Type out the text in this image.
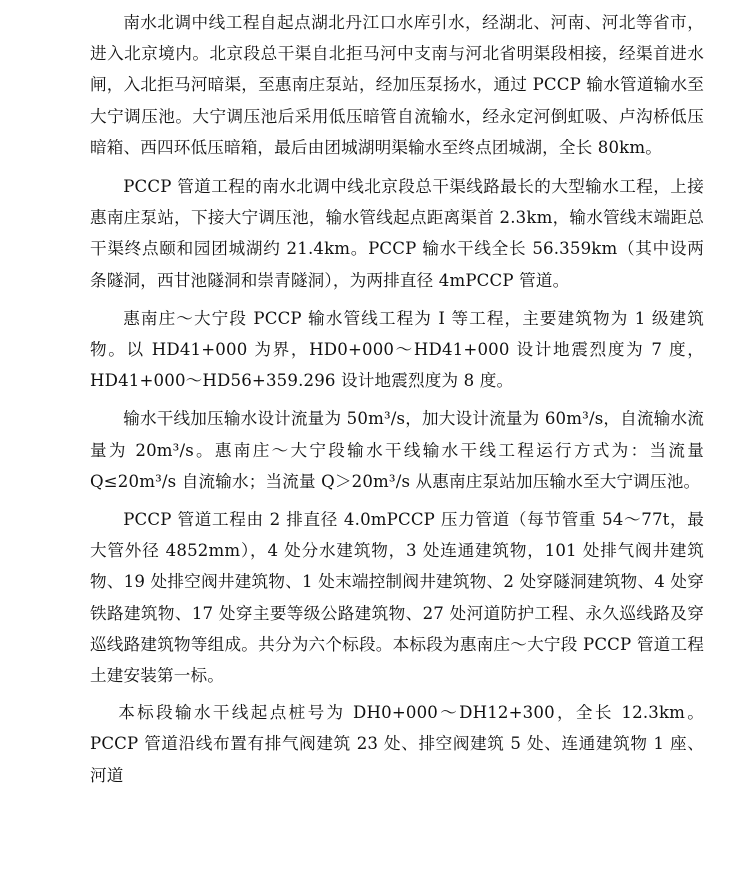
南水北调中线工程自起点湖北丹江口水库引水，经湖北、河南、河北等省市，进入北京境内。北京段总干渠自北拒马河中支南与河北省明渠段相接，经渠首进水闸，入北拒马河暗渠，至惠南庄泵站，经加压泵扬水，通过 PCCP 输水管道输水至大宁调压池。大宁调压池后采用低压暗管自流输水，经永定河倒虹吸、卢沟桥低压暗箱、西四环低压暗箱，最后由团城湖明渠输水至终点团城湖，全长 80km。

PCCP 管道工程的南水北调中线北京段总干渠线路最长的大型输水工程，上接惠南庄泵站，下接大宁调压池，输水管线起点距离渠首 2.3km，输水管线末端距总干渠终点颐和园团城湖约 21.4km。PCCP 输水干线全长 56.359km（其中设两条隧洞，西甘池隧洞和崇青隧洞），为两排直径 4mPCCP 管道。

惠南庄～大宁段 PCCP 输水管线工程为 I 等工程，主要建筑物为 1 级建筑物。以 HD41+000 为界，HD0+000～HD41+000 设计地震烈度为 7 度，HD41+000～HD56+359.296 设计地震烈度为 8 度。

输水干线加压输水设计流量为 50m³/s，加大设计流量为 60m³/s，自流输水流量为 20m³/s。惠南庄～大宁段输水干线输水干线工程运行方式为：当流量 Q≤20m³/s 自流输水；当流量 Q＞20m³/s 从惠南庄泵站加压输水至大宁调压池。

PCCP 管道工程由 2 排直径 4.0mPCCP 压力管道（每节管重 54～77t，最大管外径 4852mm），4 处分水建筑物，3 处连通建筑物，101 处排气阀井建筑物、19 处排空阀井建筑物、1 处末端控制阀井建筑物、2 处穿隧洞建筑物、4 处穿铁路建筑物、17 处穿主要等级公路建筑物、27 处河道防护工程、永久巡线路及穿巡线路建筑物等组成。共分为六个标段。本标段为惠南庄～大宁段 PCCP 管道工程土建安装第一标。

本标段输水干线起点桩号为 DH0+000～DH12+300，全长 12.3km。PCCP 管道沿线布置有排气阀建筑 23 处、排空阀建筑 5 处、连通建筑物 1 座、河道
